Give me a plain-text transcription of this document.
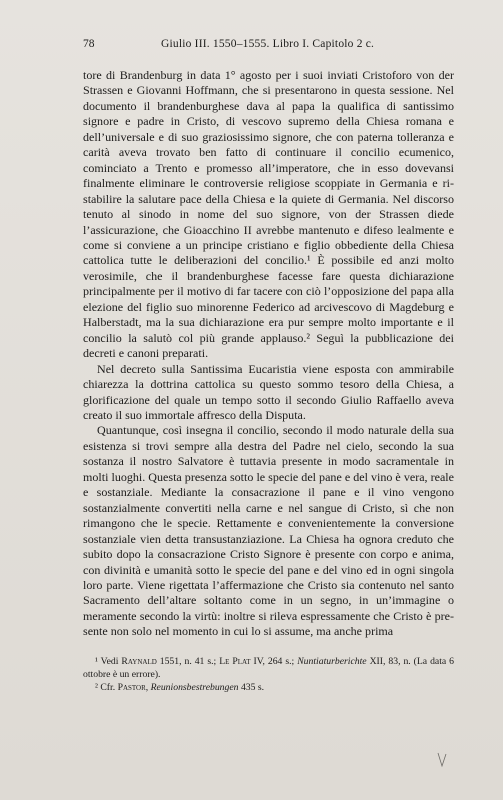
78	Giulio III. 1550–1555. Libro I. Capitolo 2 c.

tore di Brandenburg in data 1° agosto per i suoi inviati Cristoforo von der Strassen e Giovanni Hoffmann, che si presentarono in questa sessione. Nel documento il brandenburghese dava al papa la qualifica di santissimo signore e padre in Cristo, di vescovo supremo della Chiesa romana e dell’universale e di suo graziosissimo signore, che con paterna tolleranza e carità aveva trovato ben fatto di continuare il concilio ecumenico, cominciato a Trento e promesso all’imperatore, che in esso dovevansi finalmente eliminare le controversie religiose scoppiate in Germania e ristabilire la salutare pace della Chiesa e la quiete di Germania. Nel discorso tenuto al sinodo in nome del suo signore, von der Strassen diede l’assicurazione, che Gioacchino II avrebbe mantenuto e difeso lealmente e come si conviene a un principe cristiano e figlio obbediente della Chiesa cattolica tutte le deliberazioni del concilio.¹ È possibile ed anzi molto verosimile, che il brandenburghese facesse fare questa dichiarazione principalmente per il motivo di far tacere con ciò l’opposizione del papa alla elezione del figlio suo minorenne Federico ad arcivescovo di Magdeburg e Halberstadt, ma la sua dichiarazione era pur sempre molto importante e il concilio la salutò col più grande applauso.² Seguì la pubblicazione dei decreti e canoni preparati.

Nel decreto sulla Santissima Eucaristia viene esposta con ammirabile chiarezza la dottrina cattolica su questo sommo tesoro della Chiesa, a glorificazione del quale un tempo sotto il secondo Giulio Raffaello aveva creato il suo immortale affresco della Disputa.

Quantunque, così insegna il concilio, secondo il modo naturale della sua esistenza si trovi sempre alla destra del Padre nel cielo, secondo la sua sostanza il nostro Salvatore è tuttavia presente in modo sacramentale in molti luoghi. Questa presenza sotto le specie del pane e del vino è vera, reale e sostanziale. Mediante la consacrazione il pane e il vino vengono sostanzialmente convertiti nella carne e nel sangue di Cristo, sì che non rimangono che le specie. Rettamente e convenientemente la conversione sostanziale vien detta transustanziazione. La Chiesa ha ognora creduto che subito dopo la consacrazione Cristo Signore è presente con corpo e anima, con divinità e umanità sotto le specie del pane e del vino ed in ogni singola loro parte. Viene rigettata l’affermazione che Cristo sia contenuto nel santo Sacramento dell’altare soltanto come in un segno, in un’immagine o meramente secondo la virtù: inoltre si rileva espressamente che Cristo è presente non solo nel momento in cui lo si assume, ma anche prima

¹ Vedi Raynald 1551, n. 41 s.; Le Plat IV, 264 s.; Nuntiaturberichte XII, 83, n. (La data 6 ottobre è un errore).

² Cfr. Pastor, Reunionsbestrebungen 435 s.
